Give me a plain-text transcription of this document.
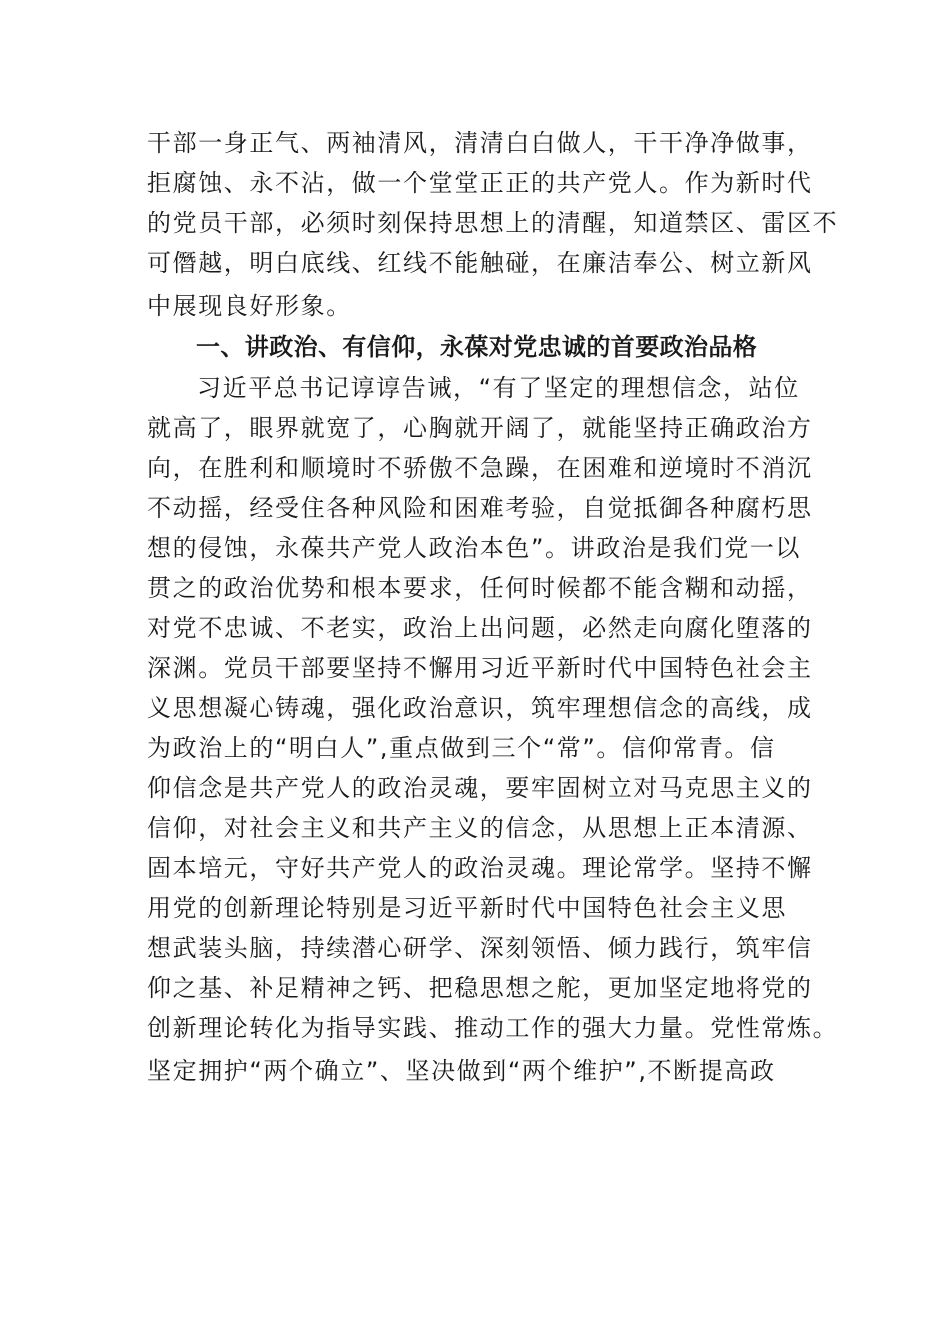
干部一身正气、两袖清风，清清白白做人，干干净净做事，
拒腐蚀、永不沾，做一个堂堂正正的共产党人。作为新时代
的党员干部，必须时刻保持思想上的清醒，知道禁区、雷区不
可僭越，明白底线、红线不能触碰，在廉洁奉公、树立新风
中展现良好形象。
一、讲政治、有信仰，永葆对党忠诚的首要政治品格
习近平总书记谆谆告诫，“有了坚定的理想信念，站位
就高了，眼界就宽了，心胸就开阔了，就能坚持正确政治方
向，在胜利和顺境时不骄傲不急躁，在困难和逆境时不消沉
不动摇，经受住各种风险和困难考验，自觉抵御各种腐朽思
想的侵蚀，永葆共产党人政治本色”。讲政治是我们党一以
贯之的政治优势和根本要求，任何时候都不能含糊和动摇，
对党不忠诚、不老实，政治上出问题，必然走向腐化堕落的
深渊。党员干部要坚持不懈用习近平新时代中国特色社会主
义思想凝心铸魂，强化政治意识，筑牢理想信念的高线，成
为政治上的“明白人”,重点做到三个“常”。信仰常青。信
仰信念是共产党人的政治灵魂，要牢固树立对马克思主义的
信仰，对社会主义和共产主义的信念，从思想上正本清源、
固本培元，守好共产党人的政治灵魂。理论常学。坚持不懈
用党的创新理论特别是习近平新时代中国特色社会主义思
想武装头脑，持续潜心研学、深刻领悟、倾力践行，筑牢信
仰之基、补足精神之钙、把稳思想之舵，更加坚定地将党的
创新理论转化为指导实践、推动工作的强大力量。党性常炼。
坚定拥护“两个确立”、坚决做到“两个维护”,不断提高政
